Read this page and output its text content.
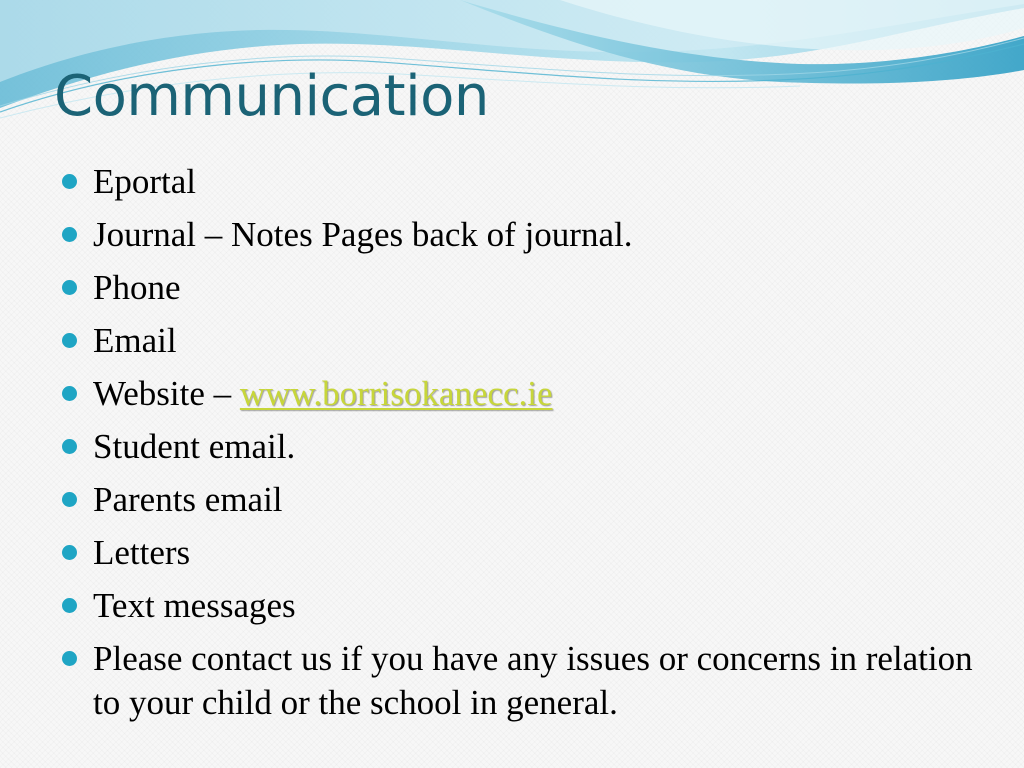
Communication
Eportal
Journal – Notes Pages back of journal.
Phone
Email
Website – www.borrisokanecc.ie
Student email.
Parents email
Letters
Text messages
Please contact us if you have any issues or concerns in relation to your child or the school in general.
